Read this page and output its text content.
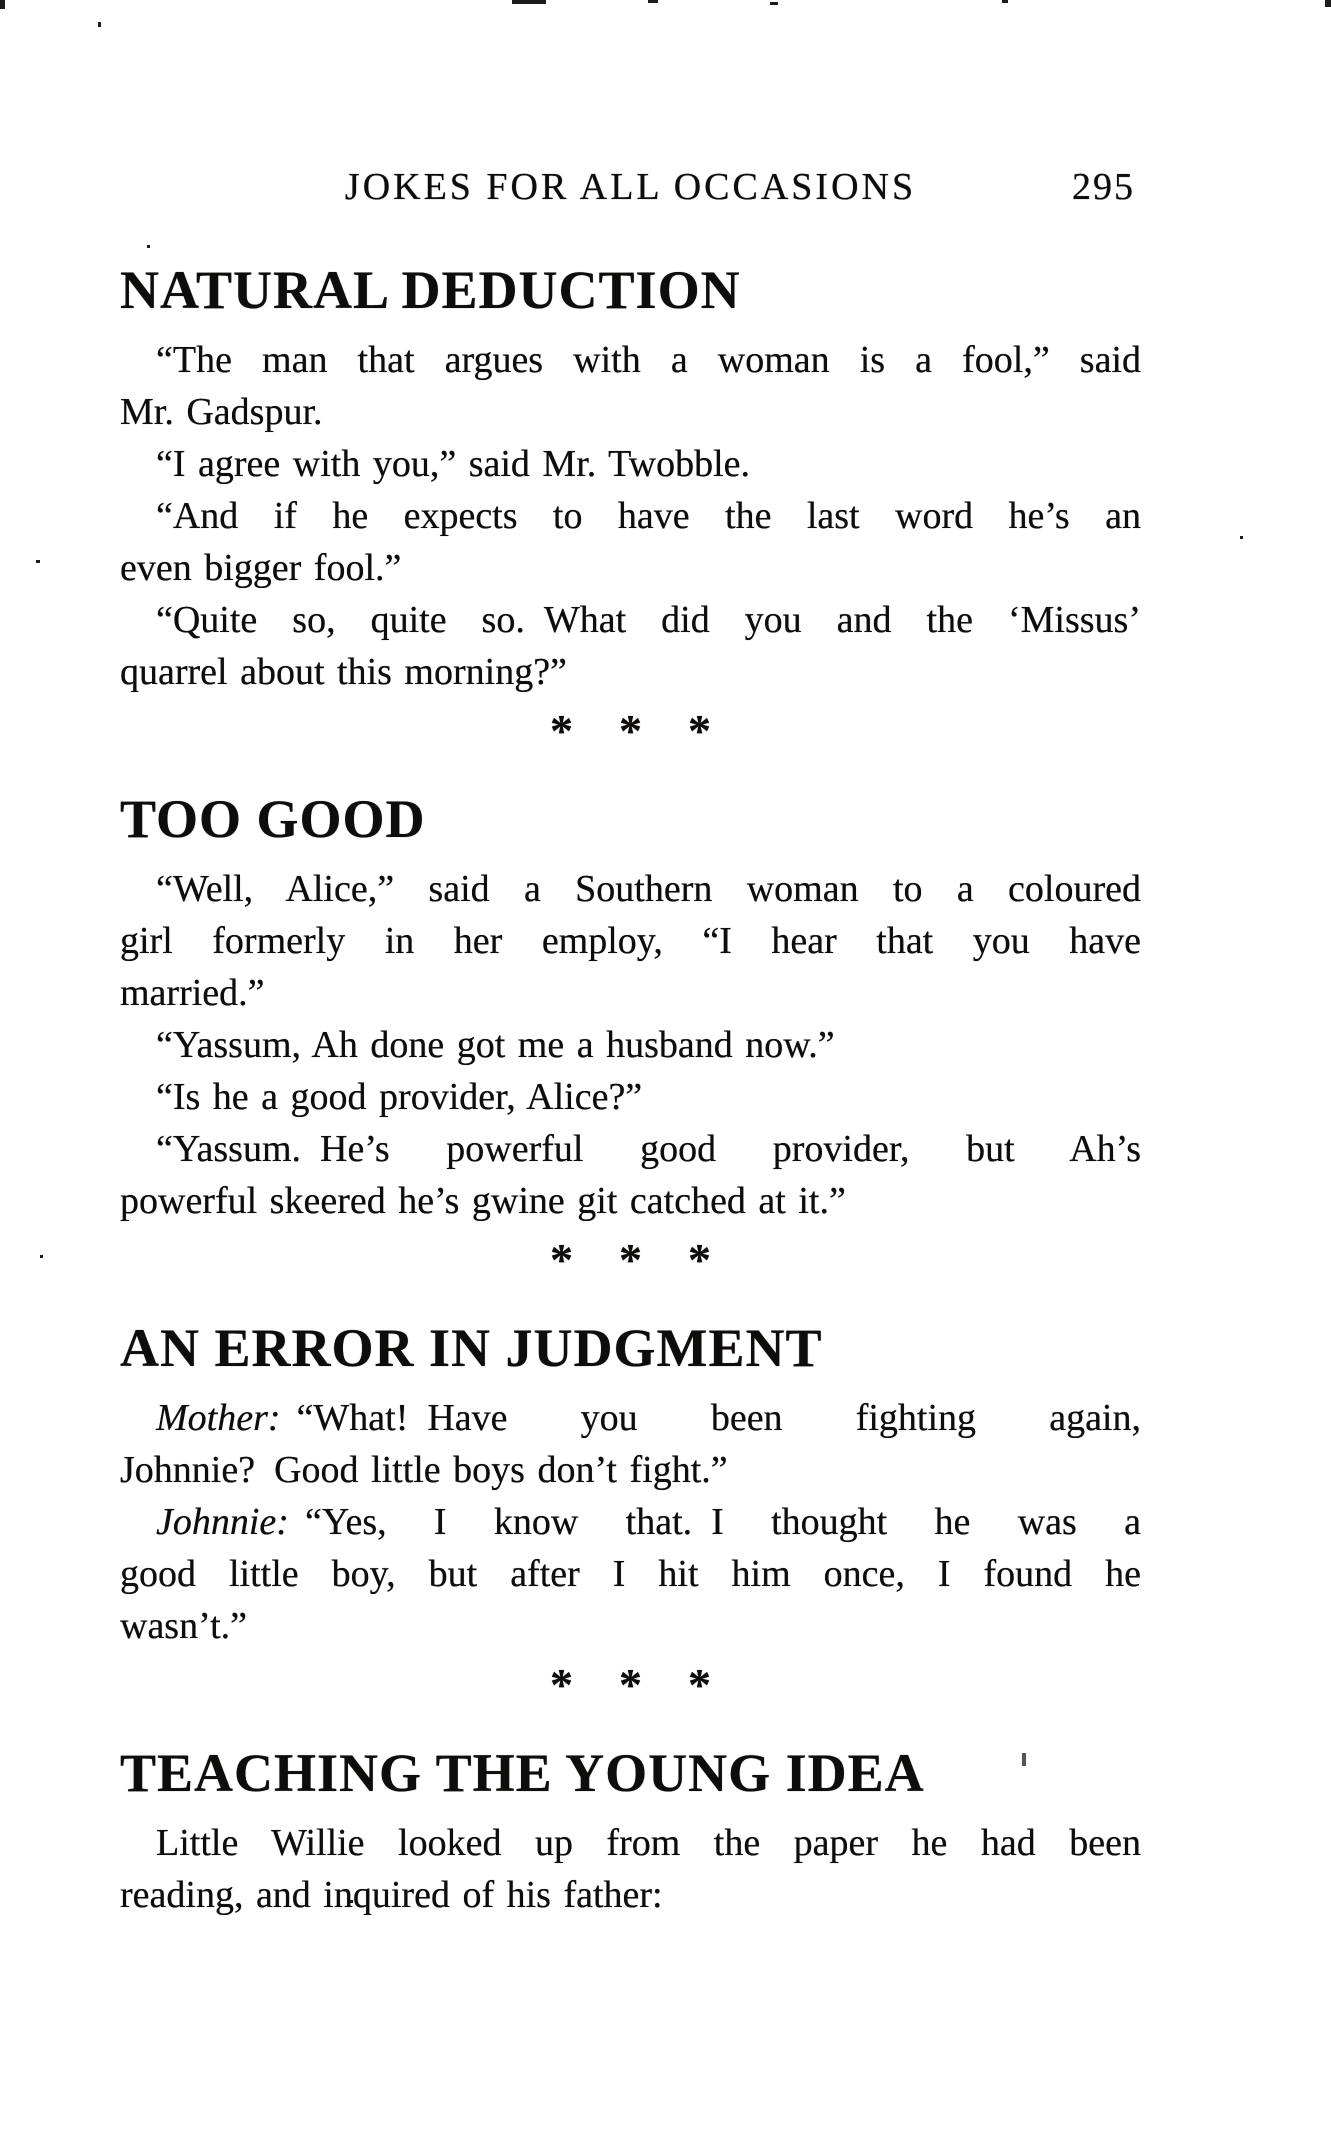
JOKES FOR ALL OCCASIONS	295
NATURAL DEDUCTION
“The man that argues with a woman is a fool,” said
Mr. Gadspur.
“I agree with you,” said Mr. Twobble.
“And if he expects to have the last word he’s an
even bigger fool.”
“Quite so, quite so. What did you and the ‘Missus’
quarrel about this morning?”
* * *
TOO GOOD
“Well, Alice,” said a Southern woman to a coloured
girl formerly in her employ, “I hear that you have
married.”
“Yassum, Ah done got me a husband now.”
“Is he a good provider, Alice?”
“Yassum. He’s powerful good provider, but Ah’s
powerful skeered he’s gwine git catched at it.”
* * *
AN ERROR IN JUDGMENT
Mother: “What! Have you been fighting again,
Johnnie? Good little boys don’t fight.”
Johnnie: “Yes, I know that. I thought he was a
good little boy, but after I hit him once, I found he
wasn’t.”
* * *
TEACHING THE YOUNG IDEA
Little Willie looked up from the paper he had been
reading, and inquired of his father:
